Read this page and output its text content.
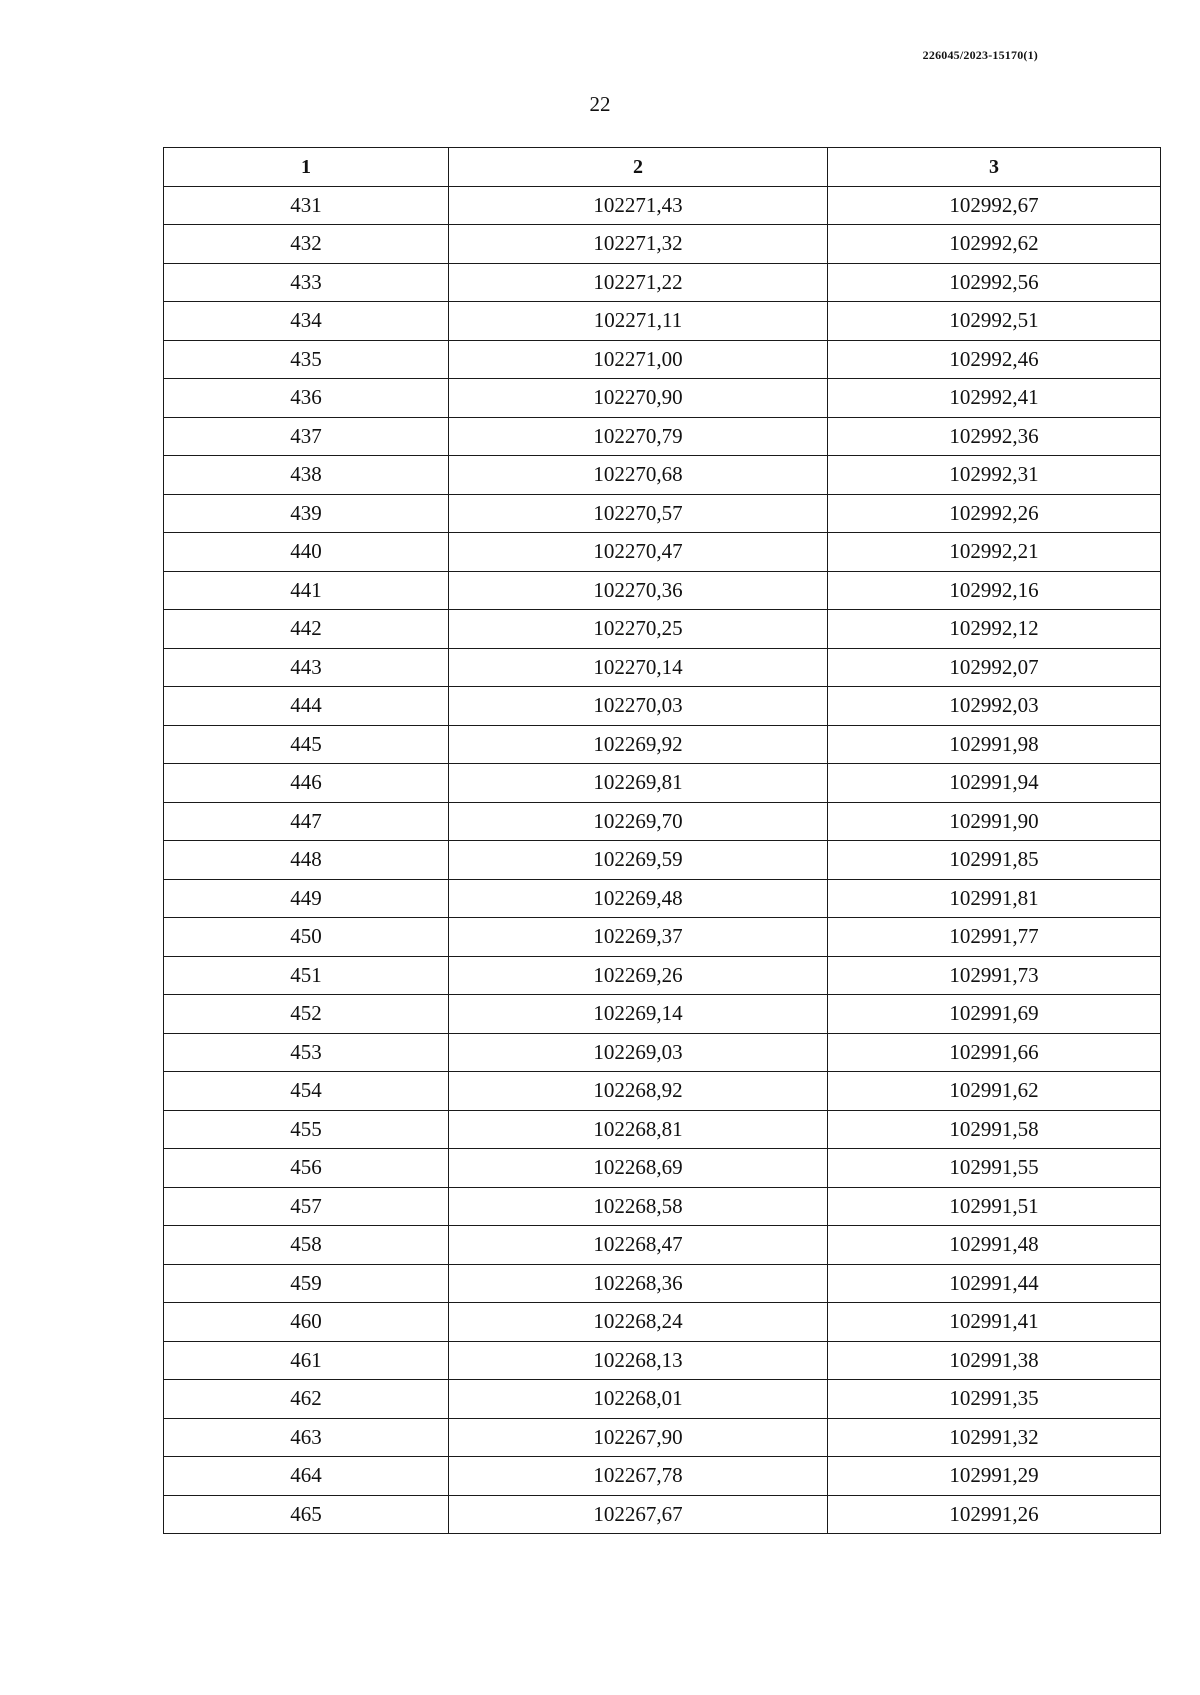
226045/2023-15170(1)
22
1	2	3
431	102271,43	102992,67
432	102271,32	102992,62
433	102271,22	102992,56
434	102271,11	102992,51
435	102271,00	102992,46
436	102270,90	102992,41
437	102270,79	102992,36
438	102270,68	102992,31
439	102270,57	102992,26
440	102270,47	102992,21
441	102270,36	102992,16
442	102270,25	102992,12
443	102270,14	102992,07
444	102270,03	102992,03
445	102269,92	102991,98
446	102269,81	102991,94
447	102269,70	102991,90
448	102269,59	102991,85
449	102269,48	102991,81
450	102269,37	102991,77
451	102269,26	102991,73
452	102269,14	102991,69
453	102269,03	102991,66
454	102268,92	102991,62
455	102268,81	102991,58
456	102268,69	102991,55
457	102268,58	102991,51
458	102268,47	102991,48
459	102268,36	102991,44
460	102268,24	102991,41
461	102268,13	102991,38
462	102268,01	102991,35
463	102267,90	102991,32
464	102267,78	102991,29
465	102267,67	102991,26
